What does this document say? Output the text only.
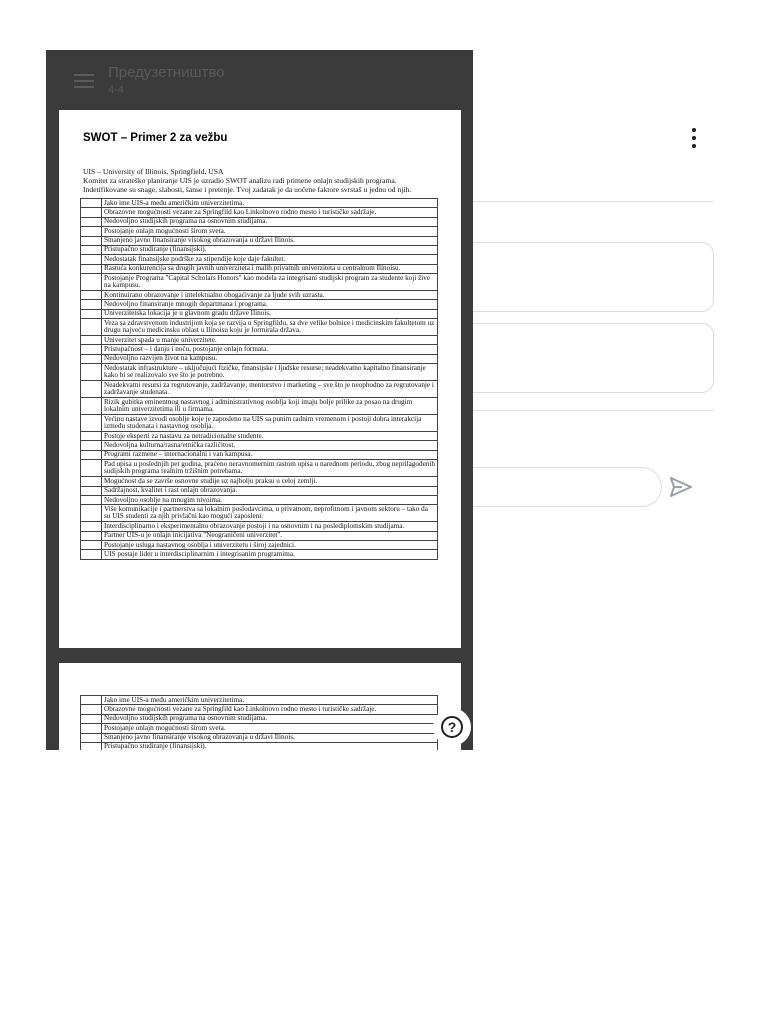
Предузетништво
4-4
SWOT – Primer 2 za vežbu
UIS – University of Illinois, Springfield, USA
Komitet za strateško planiranje UIS je uzradio SWOT analizu radi primene onlajn studijskih programa.
Indetifikovane su snage, slabosti, šanse i pretenje. Tvoj zadatak je da uočene faktore svrstaš u jednu od njih.
	Jako ime UIS-a među američkim univerzitetima.
	Obrazovne mogućnosti vezane za Springfild kao Linkolnovo rodno mesto i turističke sadržaje.
	Nedovoljno studijskih programa na osnovnim studijama.
	Postojanje onlajn mogućnosti širom sveta.
	Smanjeno javno finansiranje visokog obrazovanja u državi Ilinois.
	Pristupačno studiranje (finansijski).
	Nedostatak finansijske podrške za stipendije koje daje fakultet.
	Rastuća konkurencija sa drugih javnih univerziteta i malih privatnih univerziteta u centralnom Ilinoisu.
	Postojanje Programa "Capital Scholars Honors" kao modela za integrisani studijski program za studente koji žive na kampusu.
	Kontinuirano obrazovanje i intelektualno obogaćivanje za ljude svih uzrasta.
	Nedovoljno finansiranje mnogih departmana i programa.
	Univerzitetska lokacija je u glavnom gradu države Ilinois.
	Veza sa zdravstvenom industrijom koja se razvija u Springfildu, sa dve velike bolnice i medicinskim fakultetom uz drugu najveću medicinsku oblast u Ilinoisu koju je formirala država.
	Univerzitet spada u manje univerzitete.
	Pristupačnost – i danju i noću, postojanje onlajn formata.
	Nedovoljno razvijen život na kampusu.
	Nedostatak infrastrukture – uključujući fizičke, finansijske i ljudske resurse; neadekvatno kapitalno finansiranje kako bi se realizovalo sve što je potrebno.
	Neadekvatni resursi za regrutovanje, zadržavanje, mentorstvo i marketing – sve što je neophodno za regrutovanje i zadržavanje studenata.
	Rizik gubitka eminentnog nastavnog i administrativnog osoblja koji imaju bolje prilike za posao na drugim lokalnim univerzitetima ili u firmama.
	Većinu nastave izvodi osoblje koje je zaposleno na UIS sa punim radnim vremenom i postoji dobra interakcija između studenata i nastavnog osoblja.
	Postoje eksperti za nastavu za netradicionalne studente.
	Nedovoljna kulturna/rasna/etnička različitost.
	Programi razmene – internacionalni i van kampusa.
	Pad upisa u poslednjih pet godina, praćeno neravnomernim rastom upisa u narednom periodu, zbog neprilagođenih sudijskih programa realnim tržišnim potrebama.
	Mogućnost da se završe osnovne studije uz najbolju praksu u celoj zemlji.
	Sadržajnost, kvalitet i rast onlajn obrazovanja.
	Nedovoljno osoblje na mnogim nivoima.
	Više komunikacije i partnerstva sa lokalnim poslodavcima, u privatnom, neprofitnom i javnom sektoru – tako da su UIS studenti za njih privlačni kao mogući zaposleni.
	Interdisciplinarno i eksperimentalno obrazovanje postoji i na osnovnim i na poslediplomskim studijama.
	Partner UIS-u je onlajn inicijativa "Neograničeni univerzitet".
	Postojanje usluga nastavnog osoblja i univerzitetu i široj zajednici.
	UIS postaje lider u interdisciplinarnim i integrisanim programima.
	Jako ime UIS-a među američkim univerzitetima.
	Obrazovne mogućnosti vezane za Springfild kao Linkolnovo rodno mesto i turističke sadržaje.
	Nedovoljno studijskih programa na osnovnim studijama.
	Postojanje onlajn mogućnosti širom sveta.
	Smanjeno javno finansiranje visokog obrazovanja u državi Ilinois.
	Pristupačno studiranje (finansijski).
?
